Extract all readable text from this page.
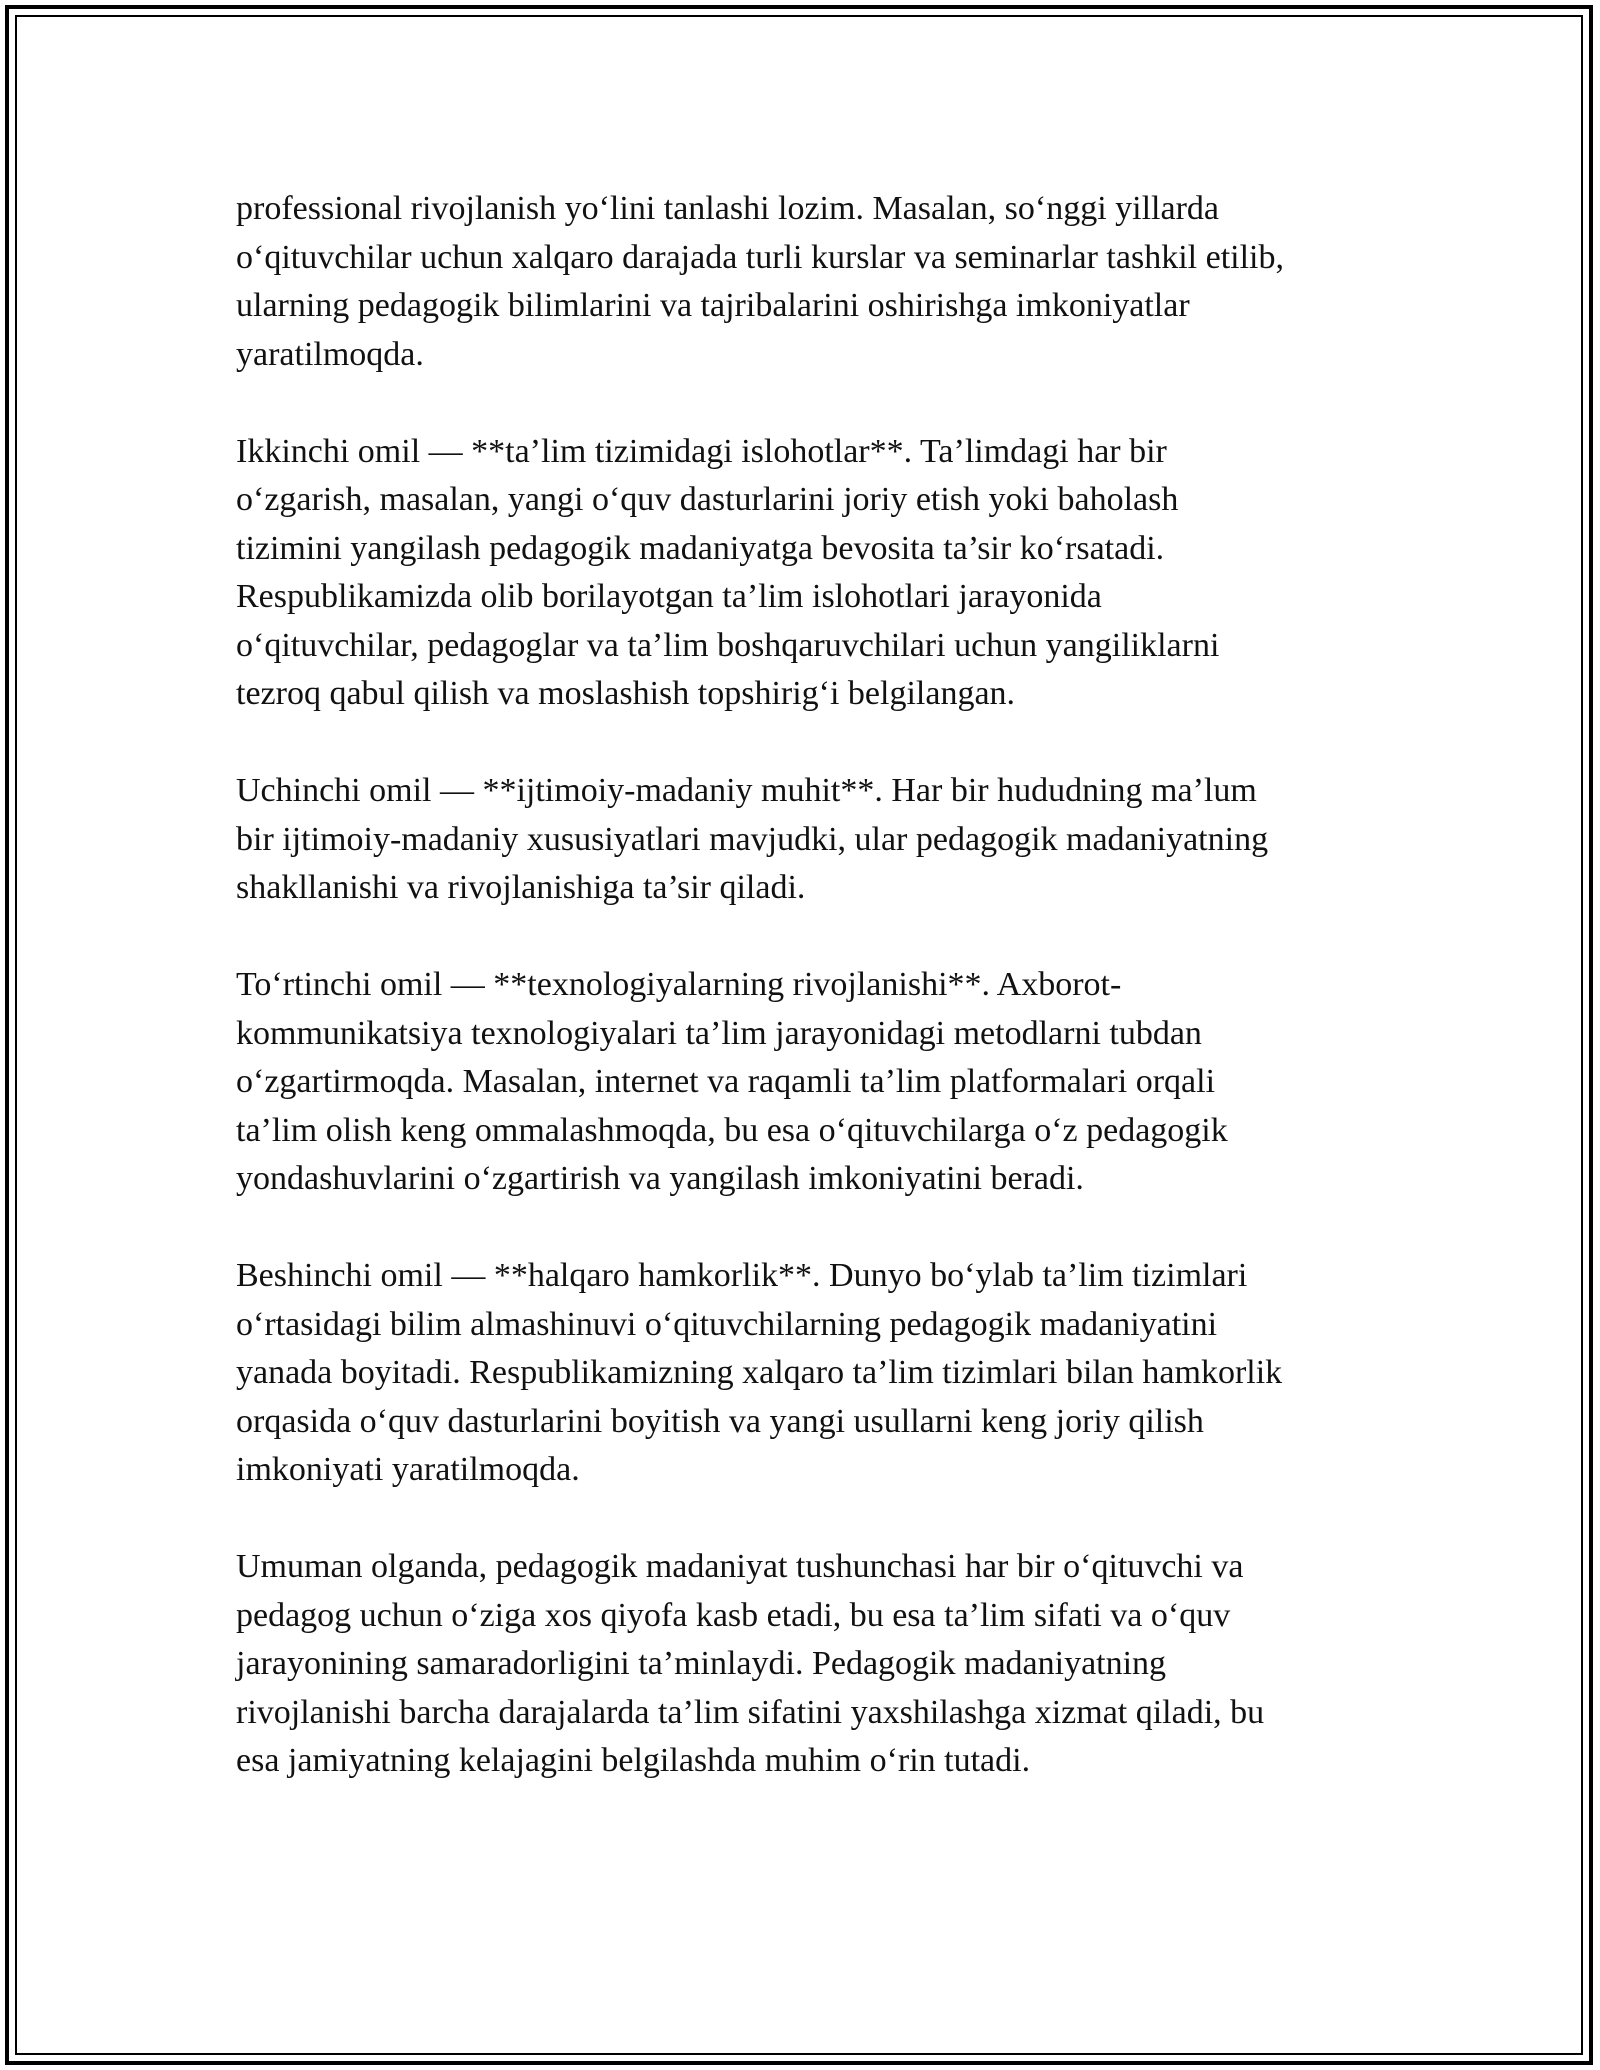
professional rivojlanish yo‘lini tanlashi lozim. Masalan, so‘nggi yillarda
o‘qituvchilar uchun xalqaro darajada turli kurslar va seminarlar tashkil etilib,
ularning pedagogik bilimlarini va tajribalarini oshirishga imkoniyatlar
yaratilmoqda.

Ikkinchi omil — **ta’lim tizimidagi islohotlar**. Ta’limdagi har bir
o‘zgarish, masalan, yangi o‘quv dasturlarini joriy etish yoki baholash
tizimini yangilash pedagogik madaniyatga bevosita ta’sir ko‘rsatadi.
Respublikamizda olib borilayotgan ta’lim islohotlari jarayonida
o‘qituvchilar, pedagoglar va ta’lim boshqaruvchilari uchun yangiliklarni
tezroq qabul qilish va moslashish topshirig‘i belgilangan.

Uchinchi omil — **ijtimoiy-madaniy muhit**. Har bir hududning ma’lum
bir ijtimoiy-madaniy xususiyatlari mavjudki, ular pedagogik madaniyatning
shakllanishi va rivojlanishiga ta’sir qiladi.

To‘rtinchi omil — **texnologiyalarning rivojlanishi**. Axborot-
kommunikatsiya texnologiyalari ta’lim jarayonidagi metodlarni tubdan
o‘zgartirmoqda. Masalan, internet va raqamli ta’lim platformalari orqali
ta’lim olish keng ommalashmoqda, bu esa o‘qituvchilarga o‘z pedagogik
yondashuvlarini o‘zgartirish va yangilash imkoniyatini beradi.

Beshinchi omil — **halqaro hamkorlik**. Dunyo bo‘ylab ta’lim tizimlari
o‘rtasidagi bilim almashinuvi o‘qituvchilarning pedagogik madaniyatini
yanada boyitadi. Respublikamizning xalqaro ta’lim tizimlari bilan hamkorlik
orqasida o‘quv dasturlarini boyitish va yangi usullarni keng joriy qilish
imkoniyati yaratilmoqda.

Umuman olganda, pedagogik madaniyat tushunchasi har bir o‘qituvchi va
pedagog uchun o‘ziga xos qiyofa kasb etadi, bu esa ta’lim sifati va o‘quv
jarayonining samaradorligini ta’minlaydi. Pedagogik madaniyatning
rivojlanishi barcha darajalarda ta’lim sifatini yaxshilashga xizmat qiladi, bu
esa jamiyatning kelajagini belgilashda muhim o‘rin tutadi.
